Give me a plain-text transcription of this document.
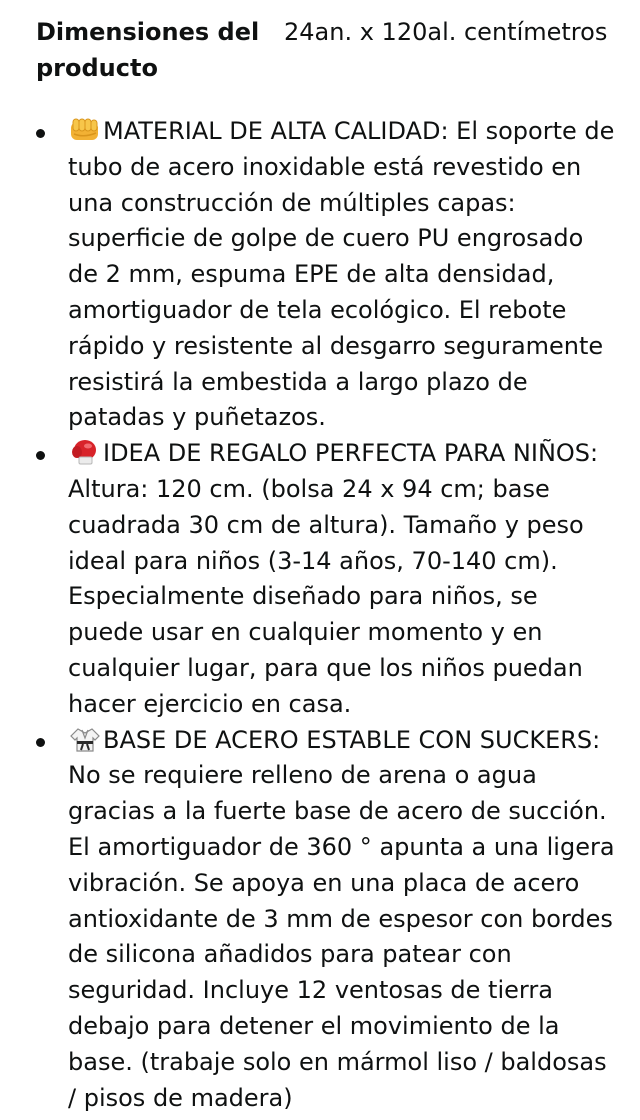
Dimensiones del producto

24an. x 120al. centímetros

MATERIAL DE ALTA CALIDAD: El soporte de tubo de acero inoxidable está revestido en una construcción de múltiples capas: superficie de golpe de cuero PU engrosado de 2 mm, espuma EPE de alta densidad, amortiguador de tela ecológico. El rebote rápido y resistente al desgarro seguramente resistirá la embestida a largo plazo de patadas y puñetazos.
IDEA DE REGALO PERFECTA PARA NIÑOS: Altura: 120 cm. (bolsa 24 x 94 cm; base cuadrada 30 cm de altura). Tamaño y peso ideal para niños (3-14 años, 70-140 cm). Especialmente diseñado para niños, se puede usar en cualquier momento y en cualquier lugar, para que los niños puedan hacer ejercicio en casa.
BASE DE ACERO ESTABLE CON SUCKERS: No se requiere relleno de arena o agua gracias a la fuerte base de acero de succión. El amortiguador de 360 ° apunta a una ligera vibración. Se apoya en una placa de acero antioxidante de 3 mm de espesor con bordes de silicona añadidos para patear con seguridad. Incluye 12 ventosas de tierra debajo para detener el movimiento de la base. (trabaje solo en mármol liso / baldosas / pisos de madera)
